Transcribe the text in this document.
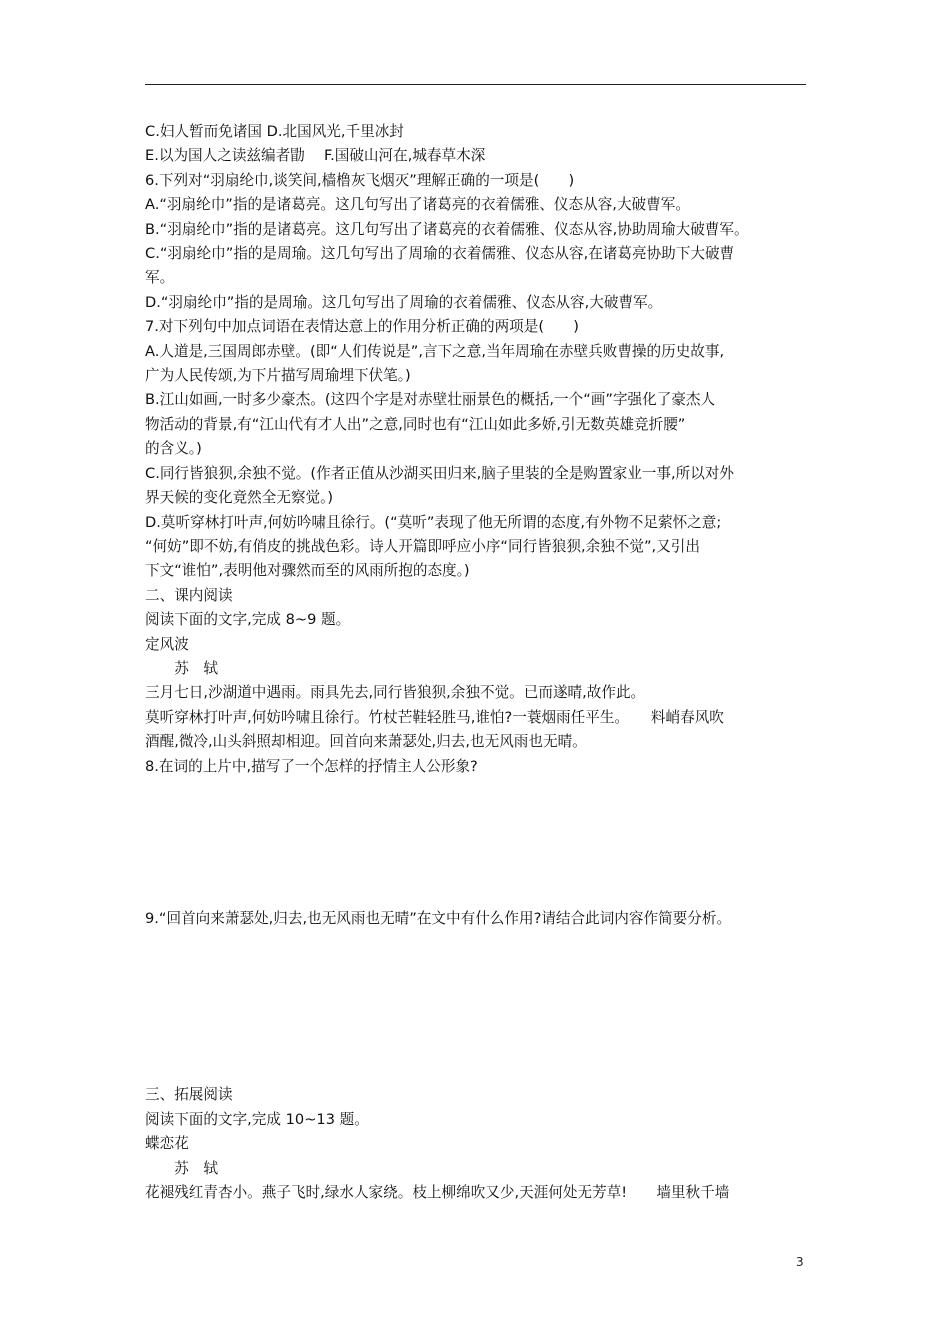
C.妇人暂而免诸国 D.北国风光,千里冰封
E.以为国人之读兹编者勖　 F.国破山河在,城春草木深
6.下列对“羽扇纶巾,谈笑间,樯橹灰飞烟灭”理解正确的一项是(　　)
A.“羽扇纶巾”指的是诸葛亮。这几句写出了诸葛亮的衣着儒雅、仪态从容,大破曹军。
B.“羽扇纶巾”指的是诸葛亮。这几句写出了诸葛亮的衣着儒雅、仪态从容,协助周瑜大破曹军。
C.“羽扇纶巾”指的是周瑜。这几句写出了周瑜的衣着儒雅、仪态从容,在诸葛亮协助下大破曹
军。
D.“羽扇纶巾”指的是周瑜。这几句写出了周瑜的衣着儒雅、仪态从容,大破曹军。
7.对下列句中加点词语在表情达意上的作用分析正确的两项是(　　)
A.人道是,三国周郎赤壁。(即“人们传说是”,言下之意,当年周瑜在赤壁兵败曹操的历史故事,
广为人民传颂,为下片描写周瑜埋下伏笔。)
B.江山如画,一时多少豪杰。(这四个字是对赤壁壮丽景色的概括,一个“画”字强化了豪杰人
物活动的背景,有“江山代有才人出”之意,同时也有“江山如此多娇,引无数英雄竞折腰”
的含义。)
C.同行皆狼狈,余独不觉。(作者正值从沙湖买田归来,脑子里装的全是购置家业一事,所以对外
界天候的变化竟然全无察觉。)
D.莫听穿林打叶声,何妨吟啸且徐行。(“莫听”表现了他无所谓的态度,有外物不足萦怀之意;
“何妨”即不妨,有俏皮的挑战色彩。诗人开篇即呼应小序“同行皆狼狈,余独不觉”,又引出
下文“谁怕”,表明他对骤然而至的风雨所抱的态度。)
二、课内阅读
阅读下面的文字,完成 8~9 题。
定风波
　　苏　轼
三月七日,沙湖道中遇雨。雨具先去,同行皆狼狈,余独不觉。已而遂晴,故作此。
莫听穿林打叶声,何妨吟啸且徐行。竹杖芒鞋轻胜马,谁怕?一蓑烟雨任平生。　　料峭春风吹
酒醒,微冷,山头斜照却相迎。回首向来萧瑟处,归去,也无风雨也无晴。
8.在词的上片中,描写了一个怎样的抒情主人公形象?
9.“回首向来萧瑟处,归去,也无风雨也无晴”在文中有什么作用?请结合此词内容作简要分析。
三、拓展阅读
阅读下面的文字,完成 10~13 题。
蝶恋花
　　苏　轼
花褪残红青杏小。燕子飞时,绿水人家绕。枝上柳绵吹又少,天涯何处无芳草!　　墙里秋千墙
3
